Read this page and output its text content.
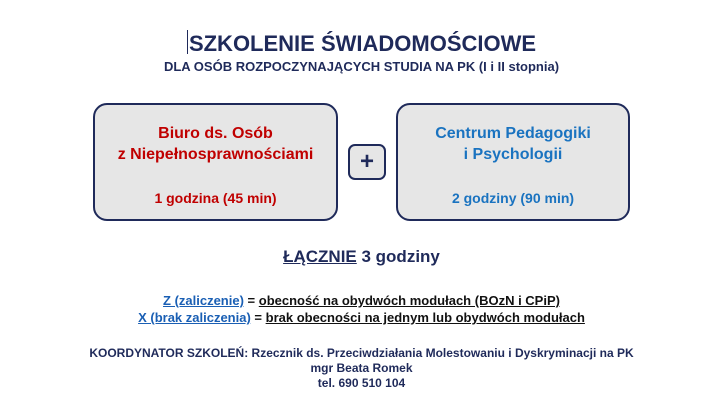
SZKOLENIE ŚWIADOMOŚCIOWE
DLA OSÓB ROZPOCZYNAJĄCYCH STUDIA NA PK (I i II stopnia)
Biuro ds. Osób
z Niepełnosprawnościami
1 godzina (45 min)
+
Centrum Pedagogiki
i Psychologii
2 godziny (90 min)
ŁĄCZNIE 3 godziny
Z (zaliczenie) = obecność na obydwóch modułach (BOzN i CPiP)
X (brak zaliczenia) = brak obecności na jednym lub obydwóch modułach
KOORDYNATOR SZKOLEŃ: Rzecznik ds. Przeciwdziałania Molestowaniu i Dyskryminacji na PK
mgr Beata Romek
tel. 690 510 104
